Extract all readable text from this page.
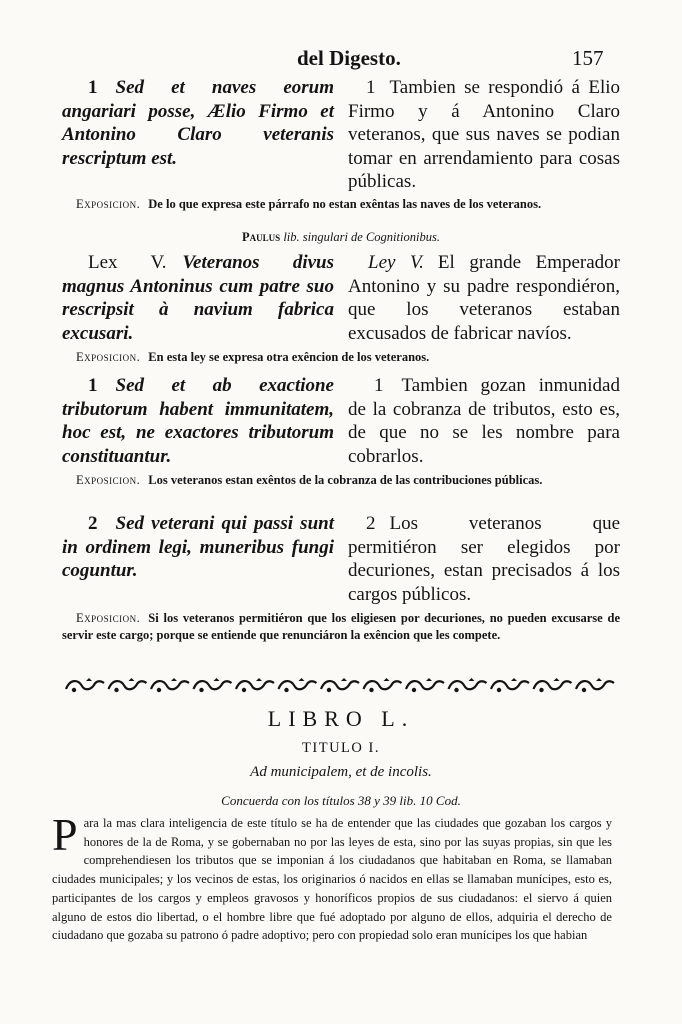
del Digesto.	157
1 Sed et naves eorum angariari posse, Ælio Firmo et Antonino Claro veteranis rescriptum est.
1 Tambien se respondió á Elio Firmo y á Antonino Claro veteranos, que sus naves se podian tomar en arrendamiento para cosas públicas.
Exposicion. De lo que expresa este párrafo no estan exêntas las naves de los veteranos.
Paulus lib. singulari de Cognitionibus.
Lex V. Veteranos divus magnus Antoninus cum patre suo rescripsit à navium fabrica excusari.
Ley V. El grande Emperador Antonino y su padre respondiéron, que los veteranos estaban excusados de fabricar navíos.
Exposicion. En esta ley se expresa otra exêncion de los veteranos.
1 Sed et ab exactione tributorum habent immunitatem, hoc est, ne exactores tributorum constituantur.
1 Tambien gozan inmunidad de la cobranza de tributos, esto es, de que no se les nombre para cobrarlos.
Exposicion. Los veteranos estan exêntos de la cobranza de las contribuciones públicas.
2 Sed veterani qui passi sunt in ordinem legi, muneribus fungi coguntur.
2 Los veteranos que permitiéron ser elegidos por decuriones, estan precisados á los cargos públicos.
Exposicion. Si los veteranos permitiéron que los eligiesen por decuriones, no pueden excusarse de servir este cargo; porque se entiende que renunciáron la exêncion que les compete.
LIBRO L.
TITULO I.
Ad municipalem, et de incolis.
Concuerda con los títulos 38 y 39 lib. 10 Cod.
Para la mas clara inteligencia de este título se ha de entender que las ciudades que gozaban los cargos y honores de la de Roma, y se gobernaban no por las leyes de esta, sino por las suyas propias, sin que les comprehendiesen los tributos que se imponian á los ciudadanos que habitaban en Roma, se llamaban ciudades municipales; y los vecinos de estas, los originarios ó nacidos en ellas se llamaban munícipes, esto es, participantes de los cargos y empleos gravosos y honoríficos propios de sus ciudadanos: el siervo á quien alguno de estos dio libertad, o el hombre libre que fué adoptado por alguno de ellos, adquiria el derecho de ciudadano que gozaba su patrono ó padre adoptivo; pero con propiedad solo eran munícipes los que habian
